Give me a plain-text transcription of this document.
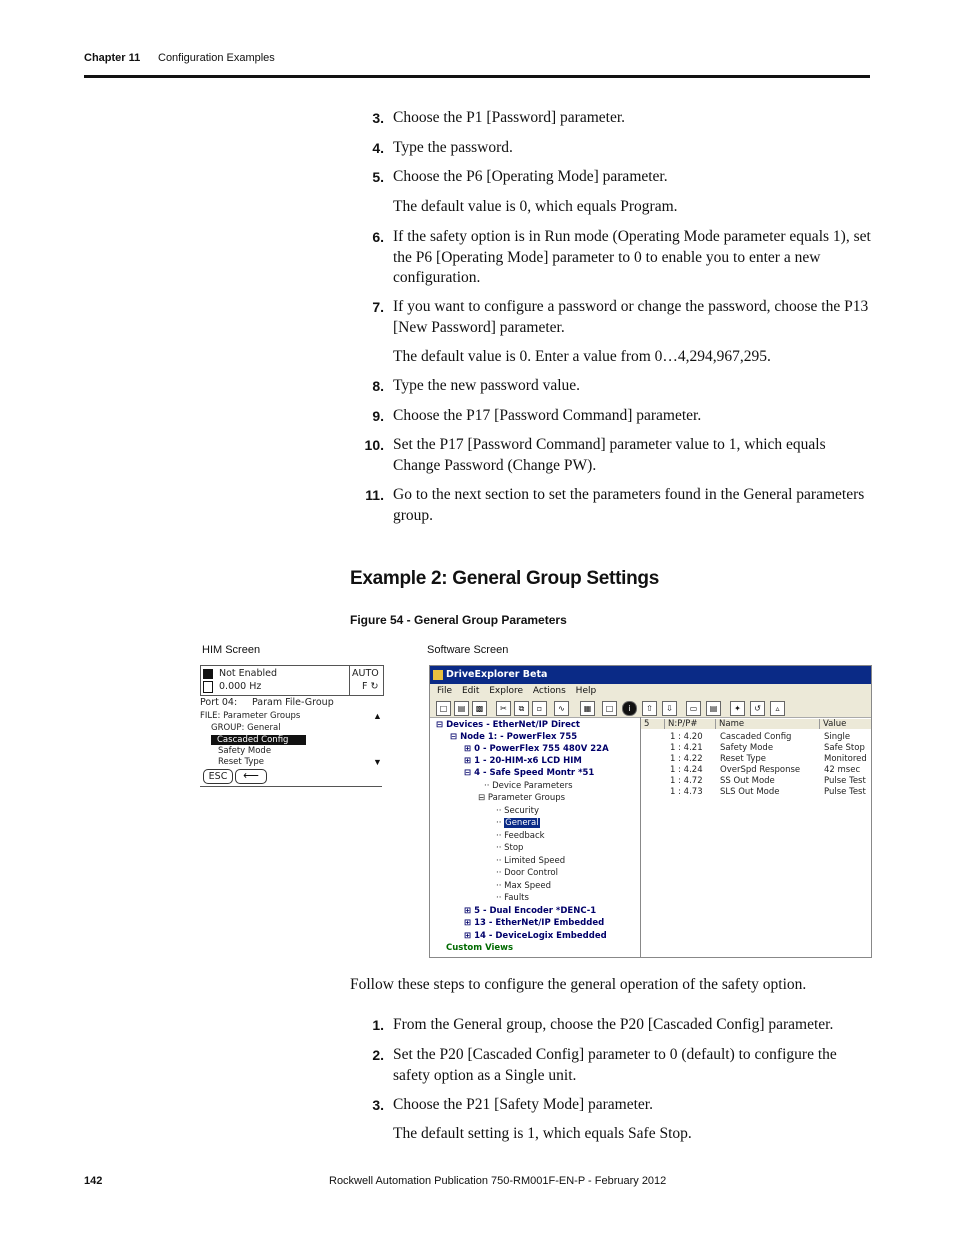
Chapter 11 Configuration Examples
3. Choose the P1 [Password] parameter.
4. Type the password.
5. Choose the P6 [Operating Mode] parameter.
The default value is 0, which equals Program.
6. If the safety option is in Run mode (Operating Mode parameter equals 1), set the P6 [Operating Mode] parameter to 0 to enable you to enter a new configuration.
7. If you want to configure a password or change the password, choose the P13 [New Password] parameter.
The default value is 0. Enter a value from 0…4,294,967,295.
8. Type the new password value.
9. Choose the P17 [Password Command] parameter.
10. Set the P17 [Password Command] parameter value to 1, which equals Change Password (Change PW).
11. Go to the next section to set the parameters found in the General parameters group.
Example 2: General Group Settings
Figure 54 - General Group Parameters
HIM Screen
Not Enabled
0.000 Hz
AUTO
F ↻
Port 04: Param File-Group
FILE: Parameter Groups
GROUP: General
Cascaded Config
Safety Mode
Reset Type
▲
▼
ESC	⟵
Software Screen
DriveExplorer Beta
File Edit Explore Actions Help
□	▤	▩	✂	⧉	▫	∿	▦	□	i	⇧	⇩	▭	▤	✦	↺	▵
⊟ Devices - EtherNet/IP Direct
⊟ Node 1: - PowerFlex 755
⊞ 0 - PowerFlex 755 480V 22A
⊞ 1 - 20-HIM-x6 LCD HIM
⊟ 4 - Safe Speed Montr *51
·· Device Parameters
⊟ Parameter Groups
·· Security
·· General
·· Feedback
·· Stop
·· Limited Speed
·· Door Control
·· Max Speed
·· Faults
⊞ 5 - Dual Encoder *DENC-1
⊞ 13 - EtherNet/IP Embedded
⊞ 14 - DeviceLogix Embedded
Custom Views
5	N:P/P#	Name	Value
1 : 4.20 Cascaded Config	Single
1 : 4.21 Safety Mode	Safe Stop
1 : 4.22 Reset Type	Monitored
1 : 4.24 OverSpd Response	42 msec
1 : 4.72 SS Out Mode	Pulse Test
1 : 4.73 SLS Out Mode	Pulse Test
Follow these steps to configure the general operation of the safety option.
1. From the General group, choose the P20 [Cascaded Config] parameter.
2. Set the P20 [Cascaded Config] parameter to 0 (default) to configure the safety option as a Single unit.
3. Choose the P21 [Safety Mode] parameter.
The default setting is 1, which equals Safe Stop.
142	Rockwell Automation Publication 750-RM001F-EN-P - February 2012
